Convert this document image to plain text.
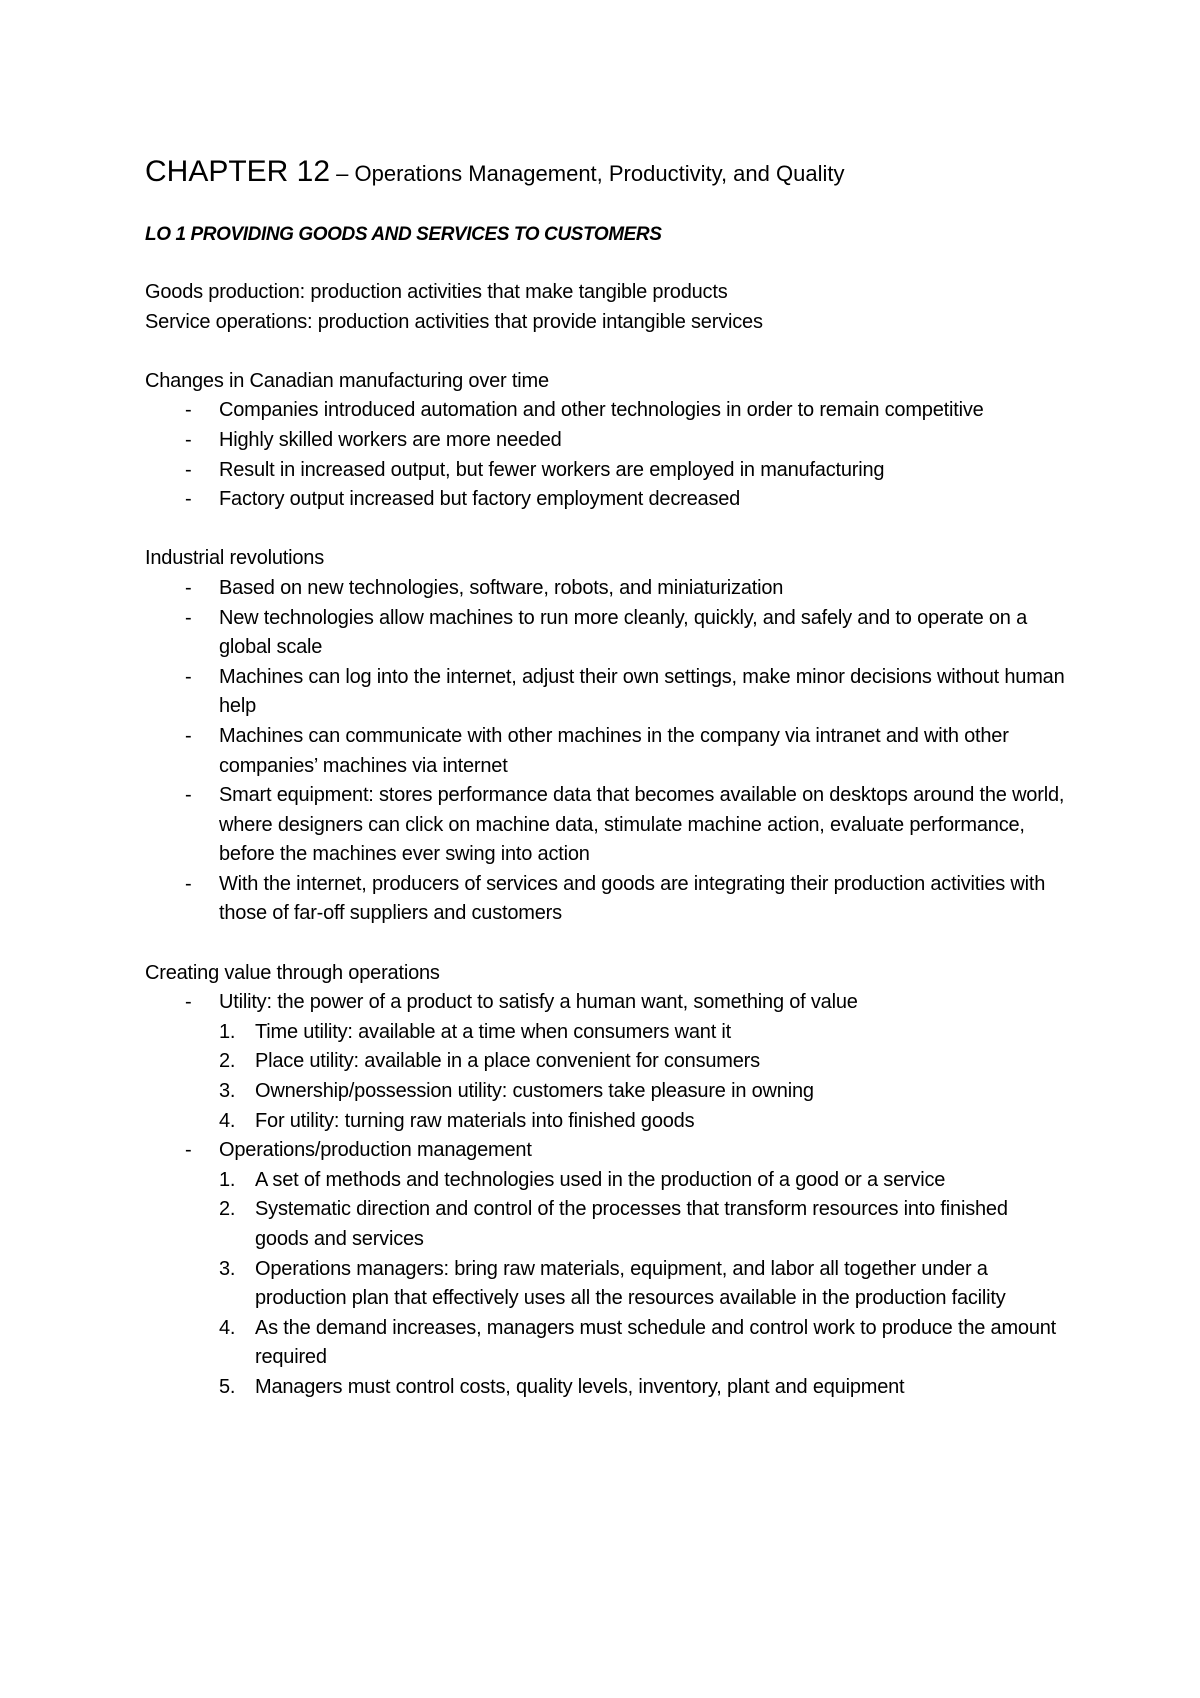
CHAPTER 12 – Operations Management, Productivity, and Quality
LO 1 PROVIDING GOODS AND SERVICES TO CUSTOMERS

Goods production: production activities that make tangible products

Service operations: production activities that provide intangible services

Changes in Canadian manufacturing over time

- Companies introduced automation and other technologies in order to remain competitive
- Highly skilled workers are more needed
- Result in increased output, but fewer workers are employed in manufacturing
- Factory output increased but factory employment decreased

Industrial revolutions

- Based on new technologies, software, robots, and miniaturization
- New technologies allow machines to run more cleanly, quickly, and safely and to operate on a global scale
- Machines can log into the internet, adjust their own settings, make minor decisions without human help
- Machines can communicate with other machines in the company via intranet and with other companies’ machines via internet
- Smart equipment: stores performance data that becomes available on desktops around the world, where designers can click on machine data, stimulate machine action, evaluate performance, before the machines ever swing into action
- With the internet, producers of services and goods are integrating their production activities with those of far-off suppliers and customers

Creating value through operations

- Utility: the power of a product to satisfy a human want, something of value
1. Time utility: available at a time when consumers want it
2. Place utility: available in a place convenient for consumers
3. Ownership/possession utility: customers take pleasure in owning
4. For utility: turning raw materials into finished goods
- Operations/production management
1. A set of methods and technologies used in the production of a good or a service
2. Systematic direction and control of the processes that transform resources into finished goods and services
3. Operations managers: bring raw materials, equipment, and labor all together under a production plan that effectively uses all the resources available in the production facility
4. As the demand increases, managers must schedule and control work to produce the amount required
5. Managers must control costs, quality levels, inventory, plant and equipment
